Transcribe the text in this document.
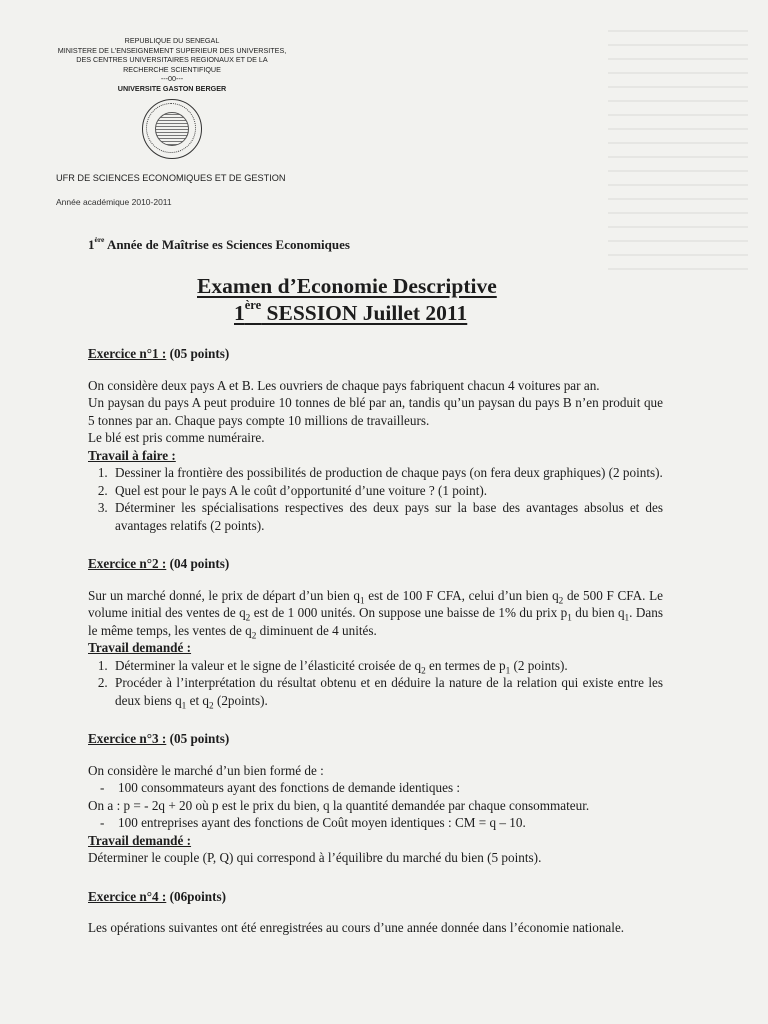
REPUBLIQUE DU SENEGAL
MINISTERE DE L'ENSEIGNEMENT SUPERIEUR DES UNIVERSITES,
DES CENTRES UNIVERSITAIRES REGIONAUX ET DE LA
RECHERCHE SCIENTIFIQUE
---00---
UNIVERSITE GASTON BERGER
UFR DE SCIENCES ECONOMIQUES ET DE GESTION
Année académique 2010-2011
1ère Année de Maîtrise es Sciences Economiques
Examen d’Economie Descriptive
1ère SESSION Juillet 2011
Exercice n°1 : (05 points)

On considère deux pays A et B. Les ouvriers de chaque pays fabriquent chacun 4 voitures par an.

Un paysan du pays A peut produire 10 tonnes de blé par an, tandis qu’un paysan du pays B n’en produit que 5 tonnes par an. Chaque pays compte 10 millions de travailleurs.

Le blé est pris comme numéraire.

Travail à faire :
1. Dessiner la frontière des possibilités de production de chaque pays (on fera deux graphiques) (2 points).
2. Quel est pour le pays A le coût d’opportunité d’une voiture ? (1 point).
3. Déterminer les spécialisations respectives des deux pays sur la base des avantages absolus et des avantages relatifs (2 points).
Exercice n°2 : (04 points)

Sur un marché donné, le prix de départ d’un bien $q_1$ est de 100 F CFA, celui d’un bien $q_2$ de 500 F CFA. Le volume initial des ventes de $q_2$ est de 1 000 unités. On suppose une baisse de 1% du prix $p_1$ du bien $q_1$. Dans le même temps, les ventes de $q_2$ diminuent de 4 unités.

Travail demandé :
1. Déterminer la valeur et le signe de l’élasticité croisée de $q_2$ en termes de $p_1$ (2 points).
2. Procéder à l’interprétation du résultat obtenu et en déduire la nature de la relation qui existe entre les deux biens $q_1$ et $q_2$ (2points).
Exercice n°3 : (05 points)

On considère le marché d’un bien formé de :

- 100 consommateurs ayant des fonctions de demande identiques :

On a : p = - 2q + 20 où p est le prix du bien, q la quantité demandée par chaque consommateur.

- 100 entreprises ayant des fonctions de Coût moyen identiques : CM = q – 10.
Travail demandé :

Déterminer le couple (P, Q) qui correspond à l’équilibre du marché du bien (5 points).

Exercice n°4 : (06points)

Les opérations suivantes ont été enregistrées au cours d’une année donnée dans l’économie nationale.
